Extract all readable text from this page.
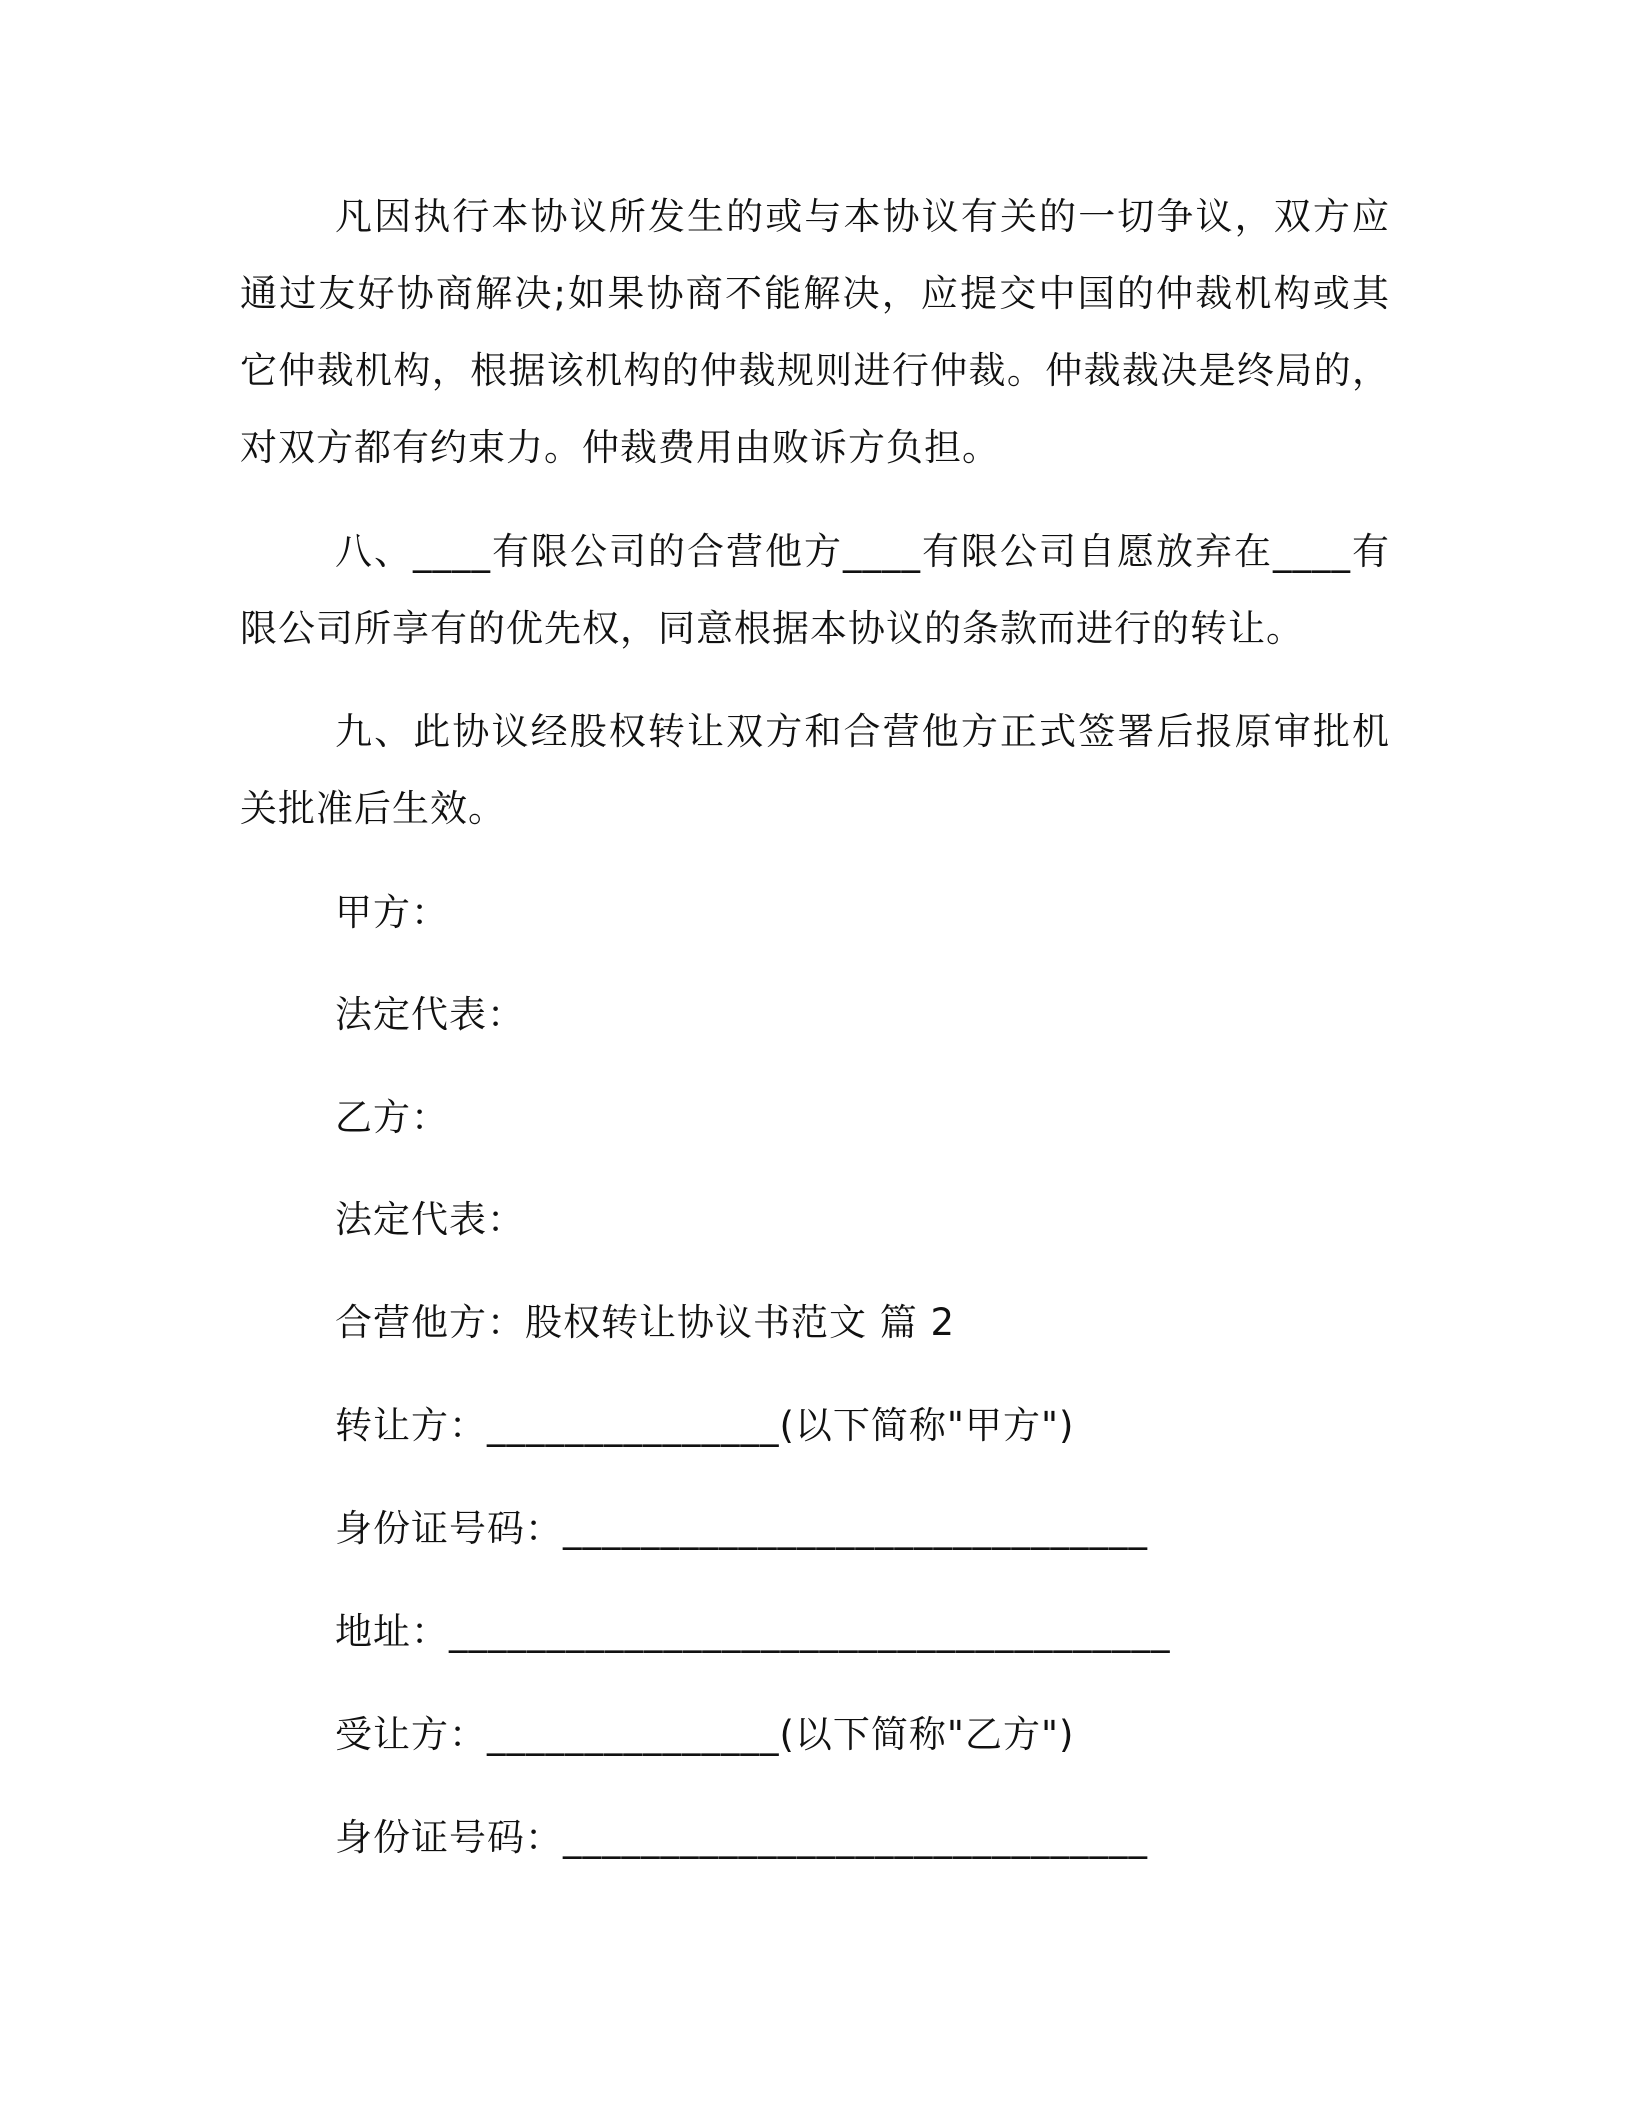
凡因执行本协议所发生的或与本协议有关的一切争议，双方应通过友好协商解决;如果协商不能解决，应提交中国的仲裁机构或其它仲裁机构，根据该机构的仲裁规则进行仲裁。仲裁裁决是终局的，对双方都有约束力。仲裁费用由败诉方负担。

八、____有限公司的合营他方____有限公司自愿放弃在____有限公司所享有的优先权，同意根据本协议的条款而进行的转让。

九、此协议经股权转让双方和合营他方正式签署后报原审批机关批准后生效。

甲方：

法定代表：

乙方：

法定代表：

合营他方：股权转让协议书范文 篇 2

转让方：_______________(以下简称"甲方")

身份证号码：______________________________

地址：_____________________________________

受让方：_______________(以下简称"乙方")

身份证号码：______________________________
